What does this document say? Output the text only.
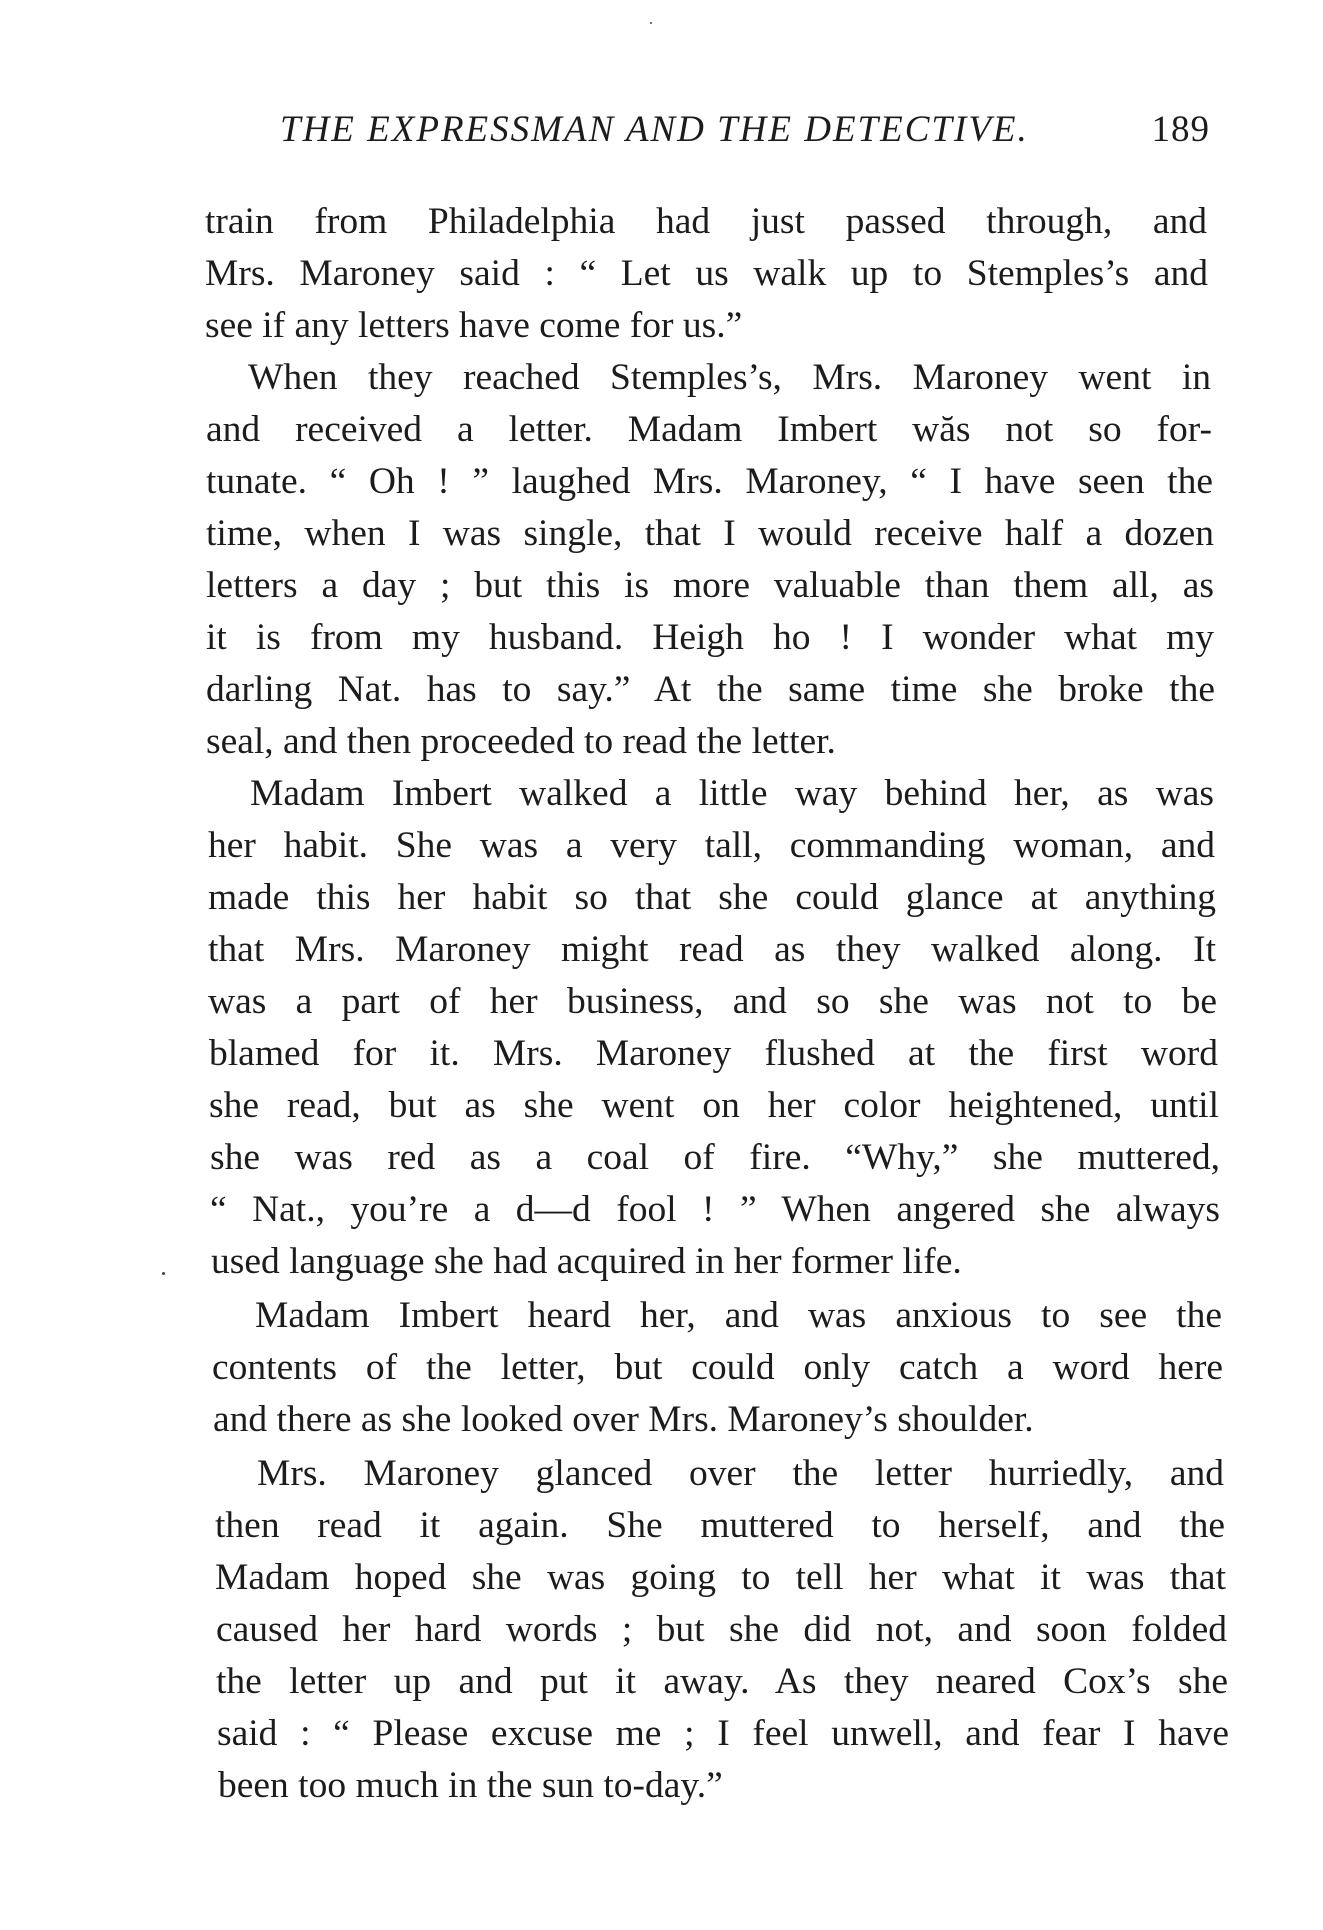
THE EXPRESSMAN AND THE DETECTIVE.	189
train from Philadelphia had just passed through, and
Mrs. Maroney said : “ Let us walk up to Stemples’s and
see if any letters have come for us.”
When they reached Stemples’s, Mrs. Maroney went in
and received a letter. Madam Imbert wăs not so for-
tunate. “ Oh ! ” laughed Mrs. Maroney, “ I have seen the
time, when I was single, that I would receive half a dozen
letters a day ; but this is more valuable than them all, as
it is from my husband. Heigh ho ! I wonder what my
darling Nat. has to say.” At the same time she broke the
seal, and then proceeded to read the letter.
Madam Imbert walked a little way behind her, as was
her habit. She was a very tall, commanding woman, and
made this her habit so that she could glance at anything
that Mrs. Maroney might read as they walked along. It
was a part of her business, and so she was not to be
blamed for it. Mrs. Maroney flushed at the first word
she read, but as she went on her color heightened, until
she was red as a coal of fire. “Why,” she muttered,
“ Nat., you’re a d—d fool ! ” When angered she always
used language she had acquired in her former life.
Madam Imbert heard her, and was anxious to see the
contents of the letter, but could only catch a word here
and there as she looked over Mrs. Maroney’s shoulder.
Mrs. Maroney glanced over the letter hurriedly, and
then read it again. She muttered to herself, and the
Madam hoped she was going to tell her what it was that
caused her hard words ; but she did not, and soon folded
the letter up and put it away. As they neared Cox’s she
said : “ Please excuse me ; I feel unwell, and fear I have
been too much in the sun to-day.”
